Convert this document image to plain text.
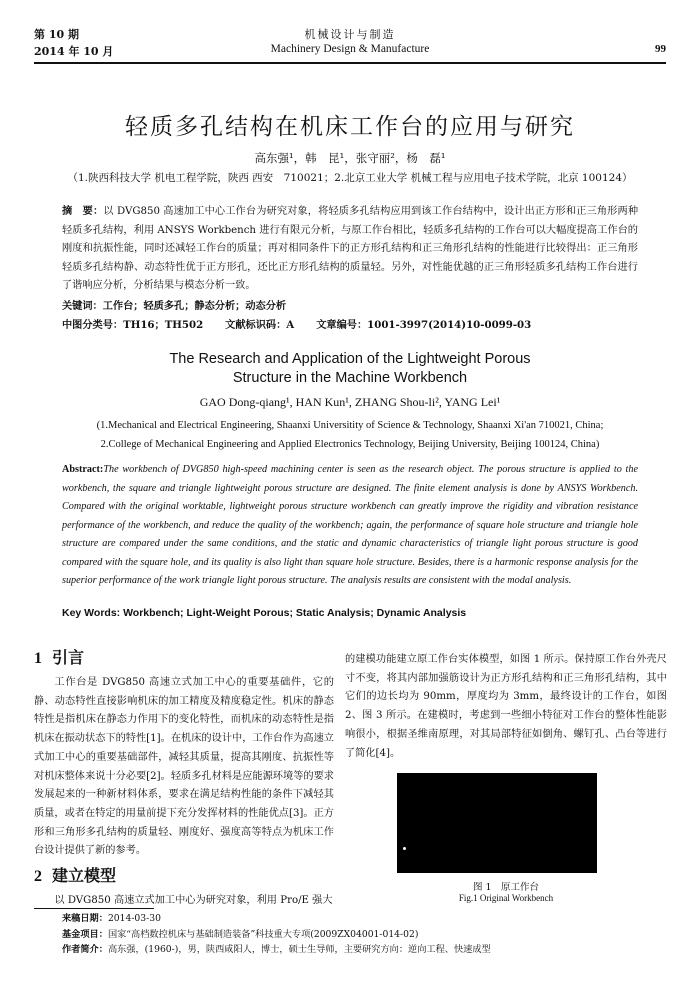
第 10 期
2014 年 10 月
机械设计与制造
Machinery Design & Manufacture	99
轻质多孔结构在机床工作台的应用与研究
高东强¹，韩　昆¹，张守丽²，杨　磊¹
（1.陕西科技大学 机电工程学院，陕西 西安　710021；2.北京工业大学 机械工程与应用电子技术学院，北京 100124）
摘　要：以 DVG850 高速加工中心工作台为研究对象，将轻质多孔结构应用到该工作台结构中，设计出正方形和正三角形两种轻质多孔结构，利用 ANSYS Workbench 进行有限元分析，与原工作台相比，轻质多孔结构的工作台可以大幅度提高工作台的刚度和抗振性能，同时还减轻工作台的质量；再对相同条件下的正方形孔结构和正三角形孔结构的性能进行比较得出：正三角形轻质多孔结构静、动态特性优于正方形孔，还比正方形孔结构的质量轻。另外，对性能优越的正三角形轻质多孔结构工作台进行了谐响应分析，分析结果与模态分析一致。
关键词：工作台；轻质多孔；静态分析；动态分析
中图分类号：TH16；TH502 文献标识码：A 文章编号：1001-3997(2014)10-0099-03
The Research and Application of the Lightweight Porous
Structure in the Machine Workbench
GAO Dong-qiang¹, HAN Kun¹, ZHANG Shou-li², YANG Lei¹
(1.Mechanical and Electrical Engineering, Shaanxi Universitity of Science & Technology, Shaanxi Xi'an 710021, China;
2.College of Mechanical Engineering and Applied Electronics Technology, Beijing University, Beijing 100124, China)
Abstract:The workbench of DVG850 high-speed machining center is seen as the research object. The porous structure is applied to the workbench, the square and triangle lightweight porous structure are designed. The finite element analysis is done by ANSYS Workbench. Compared with the original worktable, lightweight porous structure workbench can greatly improve the rigidity and vibration resistance performance of the workbench, and reduce the quality of the workbench; again, the performance of square hole structure and triangle hole structure are compared under the same conditions, and the static and dynamic characteristics of triangle light porous structure is good compared with the square hole, and its quality is also light than square hole structure. Besides, there is a harmonic response analysis for the superior performance of the work triangle light porous structure. The analysis results are consistent with the modal analysis.
Key Words: Workbench; Light-Weight Porous; Static Analysis; Dynamic Analysis
1 引言
工作台是 DVG850 高速立式加工中心的重要基础件，它的静、动态特性直接影响机床的加工精度及精度稳定性。机床的静态特性是指机床在静态力作用下的变化特性，而机床的动态特性是指机床在振动状态下的特性[1]。在机床的设计中，工作台作为高速立式加工中心的重要基础部件，减轻其质量，提高其刚度、抗振性等对机床整体来说十分必要[2]。轻质多孔材料是应能源环境等的要求发展起来的一种新材料体系，要求在满足结构性能的条件下减轻其质量，或者在特定的用量前提下充分发挥材料的性能优点[3]。正方形和三角形多孔结构的质量轻、刚度好、强度高等特点为机床工作台设计提供了新的参考。
2 建立模型
以 DVG850 高速立式加工中心为研究对象，利用 Pro/E 强大
的建模功能建立原工作台实体模型，如图 1 所示。保持原工作台外壳尺寸不变，将其内部加强筋设计为正方形孔结构和正三角形孔结构，其中它们的边长均为 90mm，厚度均为 3mm，最终设计的工作台，如图 2、图 3 所示。在建模时，考虑到一些细小特征对工作台的整体性能影响很小，根据圣维南原理，对其局部特征如倒角、螺钉孔、凸台等进行了简化[4]。
图 1　原工作台
Fig.1 Original Workbench
来稿日期：2014-03-30
基金项目：国家“高档数控机床与基础制造装备”科技重大专项(2009ZX04001-014-02)
作者简介：高东强，(1960-)，男，陕西咸阳人，博士，硕士生导师，主要研究方向：逆向工程、快速成型
